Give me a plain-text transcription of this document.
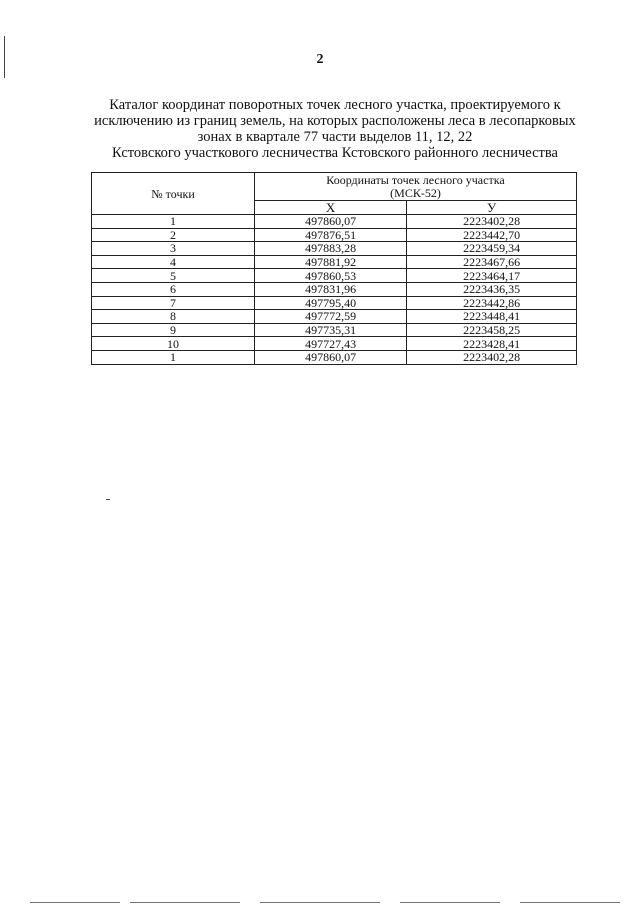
2
Каталог координат поворотных точек лесного участка, проектируемого к
исключению из границ земель, на которых расположены леса в лесопарковых
зонах в квартале 77 части выделов 11, 12, 22
Кстовского участкового лесничества Кстовского районного лесничества
№ точки	Координаты точек лесного участка
(МСК-52)	

	X	У
1	497860,07	2223402,28
2	497876,51	2223442,70
3	497883,28	2223459,34
4	497881,92	2223467,66
5	497860,53	2223464,17
6	497831,96	2223436,35
7	497795,40	2223442,86
8	497772,59	2223448,41
9	497735,31	2223458,25
10	497727,43	2223428,41
1	497860,07	2223402,28
